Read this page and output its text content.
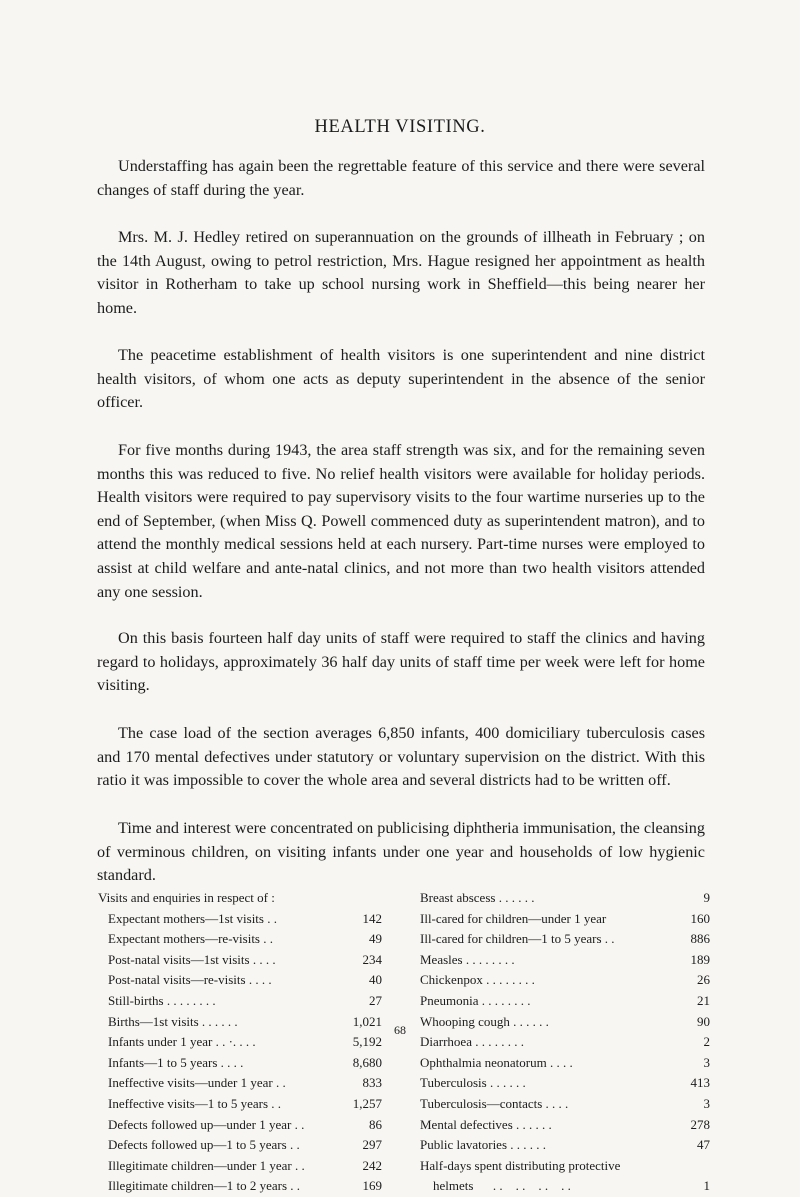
HEALTH VISITING.

Understaffing has again been the regrettable feature of this service and there were several changes of staff during the year.

Mrs. M. J. Hedley retired on superannuation on the grounds of illheath in February ; on the 14th August, owing to petrol restriction, Mrs. Hague resigned her appointment as health visitor in Rotherham to take up school nursing work in Sheffield—this being nearer her home.

The peacetime establishment of health visitors is one superintendent and nine district health visitors, of whom one acts as deputy superintendent in the absence of the senior officer.

For five months during 1943, the area staff strength was six, and for the remaining seven months this was reduced to five. No relief health visitors were available for holiday periods. Health visitors were required to pay supervisory visits to the four wartime nurseries up to the end of September, (when Miss Q. Powell commenced duty as superintendent matron), and to attend the monthly medical sessions held at each nursery. Part-time nurses were employed to assist at child welfare and ante-natal clinics, and not more than two health visitors attended any one session.

On this basis fourteen half day units of staff were required to staff the clinics and having regard to holidays, approximately 36 half day units of staff time per week were left for home visiting.

The case load of the section averages 6,850 infants, 400 domiciliary tuberculosis cases and 170 mental defectives under statutory or voluntary supervision on the district. With this ratio it was impossible to cover the whole area and several districts had to be written off.

Time and interest were concentrated on publicising diphtheria immunisation, the cleansing of verminous children, on visiting infants under one year and households of low hygienic standard.

Visits and enquiries in respect of :
Expectant mothers—1st visits . .	142
Expectant mothers—re-visits . .	49
Post-natal visits—1st visits . . . .	234
Post-natal visits—re-visits . . . .	40
Still-births . . . . . . . .	27
Births—1st visits . . . . . .	1,021
Infants under 1 year . . ·. . . .	5,192
Infants—1 to 5 years . . . .	8,680
Ineffective visits—under 1 year . .	833
Ineffective visits—1 to 5 years . .	1,257
Defects followed up—under 1 year . .	86
Defects followed up—1 to 5 years . .	297
Illegitimate children—under 1 year . .	242
Illegitimate children—1 to 2 years . .	169
Breast abscess . . . . . .	9
Ill-cared for children—under 1 year	160
Ill-cared for children—1 to 5 years . .	886
Measles . . . . . . . .	189
Chickenpox . . . . . . . .	26
Pneumonia . . . . . . . .	21
Whooping cough . . . . . .	90
Diarrhoea . . . . . . . .	2
Ophthalmia neonatorum . . . .	3
Tuberculosis . . . . . .	413
Tuberculosis—contacts . . . .	3
Mental defectives . . . . . .	278
Public lavatories . . . . . .	47
Half-days spent distributing protective
helmets      . .    . .    . .    . .	1
68
